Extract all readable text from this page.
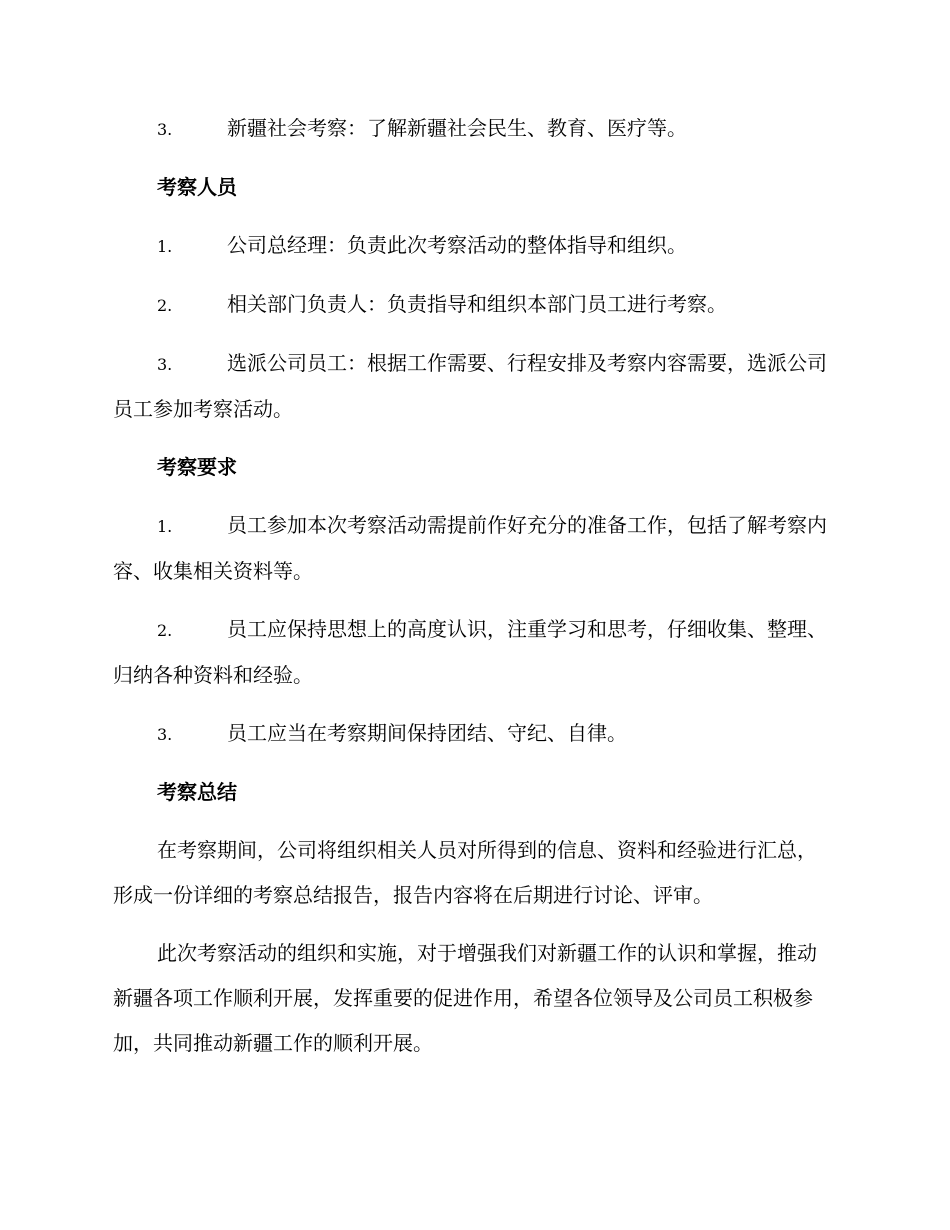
3.	新疆社会考察：了解新疆社会民生、教育、医疗等。
考察人员
1.	公司总经理：负责此次考察活动的整体指导和组织。
2.	相关部门负责人：负责指导和组织本部门员工进行考察。
3.	选派公司员工：根据工作需要、行程安排及考察内容需要，选派公司员工参加考察活动。
考察要求
1.	员工参加本次考察活动需提前作好充分的准备工作，包括了解考察内容、收集相关资料等。
2.	员工应保持思想上的高度认识，注重学习和思考，仔细收集、整理、归纳各种资料和经验。
3.	员工应当在考察期间保持团结、守纪、自律。
考察总结
在考察期间，公司将组织相关人员对所得到的信息、资料和经验进行汇总，形成一份详细的考察总结报告，报告内容将在后期进行讨论、评审。
此次考察活动的组织和实施，对于增强我们对新疆工作的认识和掌握，推动新疆各项工作顺利开展，发挥重要的促进作用，希望各位领导及公司员工积极参加，共同推动新疆工作的顺利开展。
